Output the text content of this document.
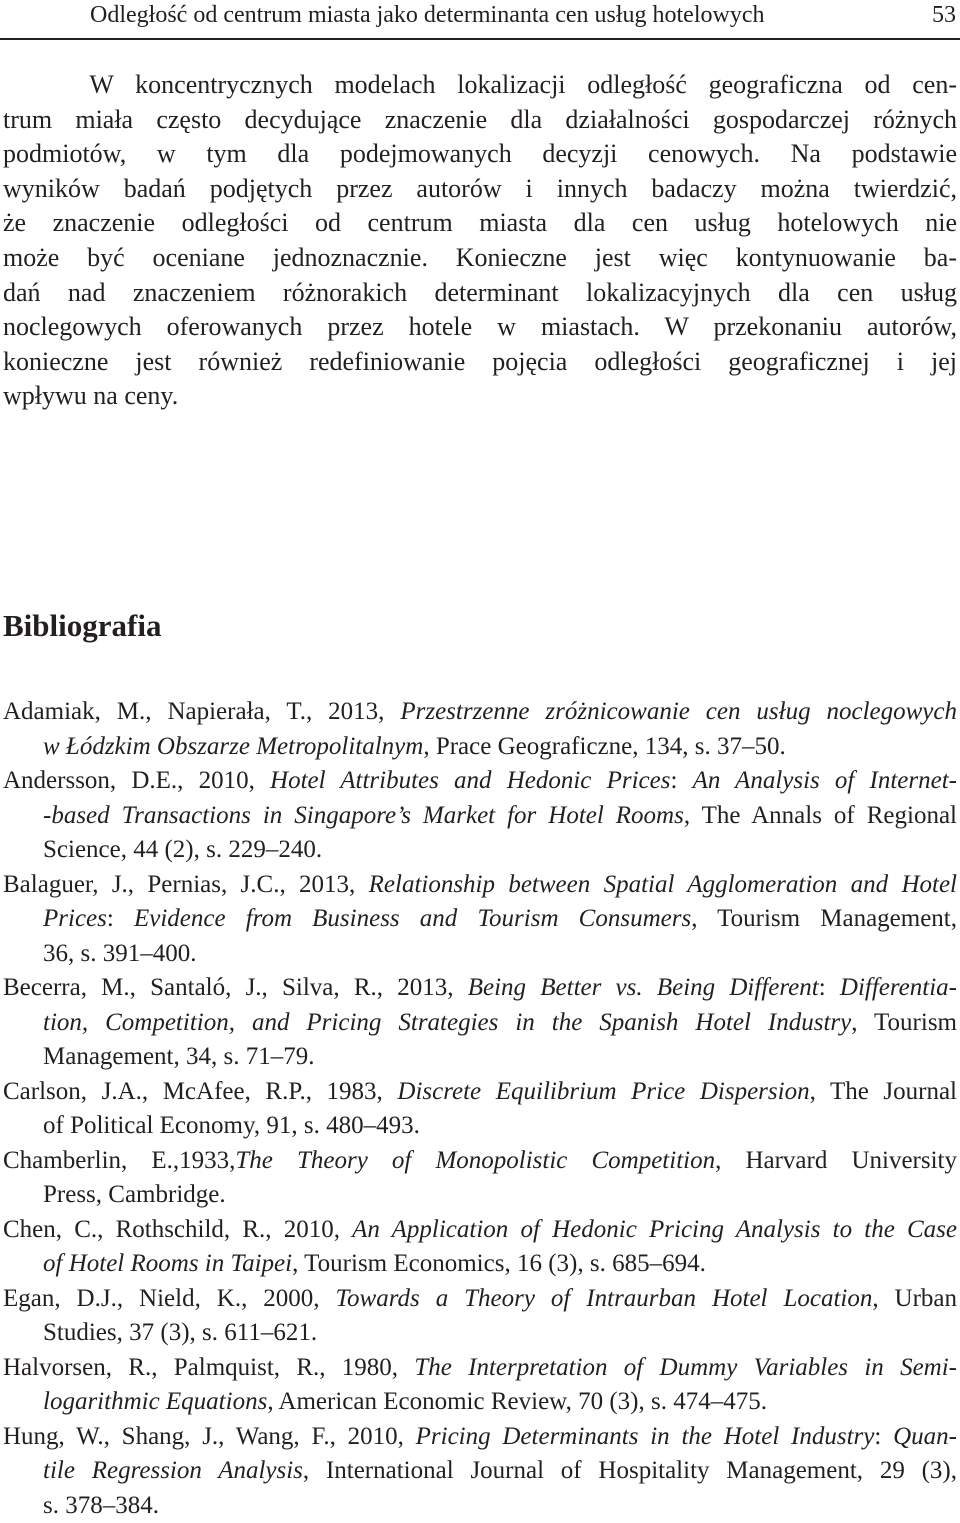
Odległość od centrum miasta jako determinanta cen usług hotelowych	53
W koncentrycznych modelach lokalizacji odległość geograficzna od cen-
trum miała często decydujące znaczenie dla działalności gospodarczej różnych
podmiotów, w tym dla podejmowanych decyzji cenowych. Na podstawie
wyników badań podjętych przez autorów i innych badaczy można twierdzić,
że znaczenie odległości od centrum miasta dla cen usług hotelowych nie
może być oceniane jednoznacznie. Konieczne jest więc kontynuowanie ba-
dań nad znaczeniem różnorakich determinant lokalizacyjnych dla cen usług
noclegowych oferowanych przez hotele w miastach. W przekonaniu autorów,
konieczne jest również redefiniowanie pojęcia odległości geograficznej i jej
wpływu na ceny.
Bibliografia
Adamiak, M., Napierała, T., 2013, Przestrzenne zróżnicowanie cen usług noclegowych
w Łódzkim Obszarze Metropolitalnym, Prace Geograficzne, 134, s. 37–50.
Andersson, D.E., 2010, Hotel Attributes and Hedonic Prices: An Analysis of Internet-
-based Transactions in Singapore’s Market for Hotel Rooms, The Annals of Regional
Science, 44 (2), s. 229–240.
Balaguer, J., Pernias, J.C., 2013, Relationship between Spatial Agglomeration and Hotel
Prices: Evidence from Business and Tourism Consumers, Tourism Management,
36, s. 391–400.
Becerra, M., Santaló, J., Silva, R., 2013, Being Better vs. Being Different: Differentia-
tion, Competition, and Pricing Strategies in the Spanish Hotel Industry, Tourism
Management, 34, s. 71–79.
Carlson, J.A., McAfee, R.P., 1983, Discrete Equilibrium Price Dispersion, The Journal
of Political Economy, 91, s. 480–493.
Chamberlin, E.,1933,The Theory of Monopolistic Competition, Harvard University
Press, Cambridge.
Chen, C., Rothschild, R., 2010, An Application of Hedonic Pricing Analysis to the Case
of Hotel Rooms in Taipei, Tourism Economics, 16 (3), s. 685–694.
Egan, D.J., Nield, K., 2000, Towards a Theory of Intraurban Hotel Location, Urban
Studies, 37 (3), s. 611–621.
Halvorsen, R., Palmquist, R., 1980, The Interpretation of Dummy Variables in Semi-
logarithmic Equations, American Economic Review, 70 (3), s. 474–475.
Hung, W., Shang, J., Wang, F., 2010, Pricing Determinants in the Hotel Industry: Quan-
tile Regression Analysis, International Journal of Hospitality Management, 29 (3),
s. 378–384.
